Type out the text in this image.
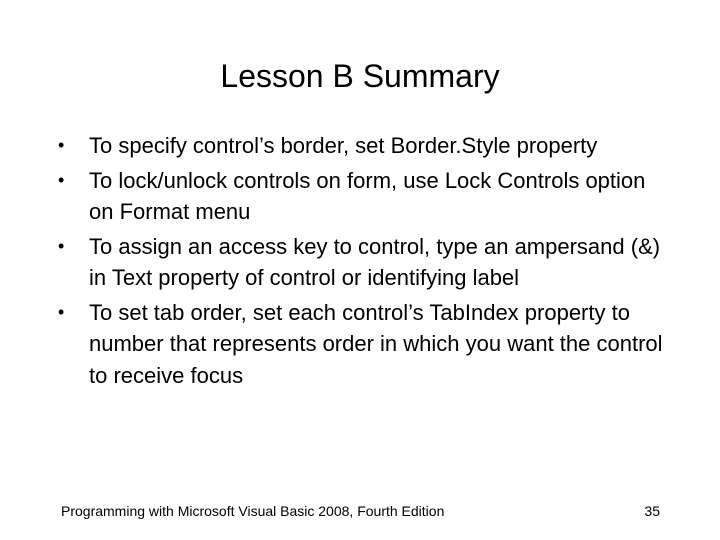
Lesson B Summary
•	To specify control’s border, set Border.Style property
•	To lock/unlock controls on form, use Lock Controls option on Format menu
•	To assign an access key to control, type an ampersand (&) in Text property of control or identifying label
•	To set tab order, set each control’s TabIndex property to number that represents order in which you want the control to receive focus
Programming with Microsoft Visual Basic 2008, Fourth Edition	35
